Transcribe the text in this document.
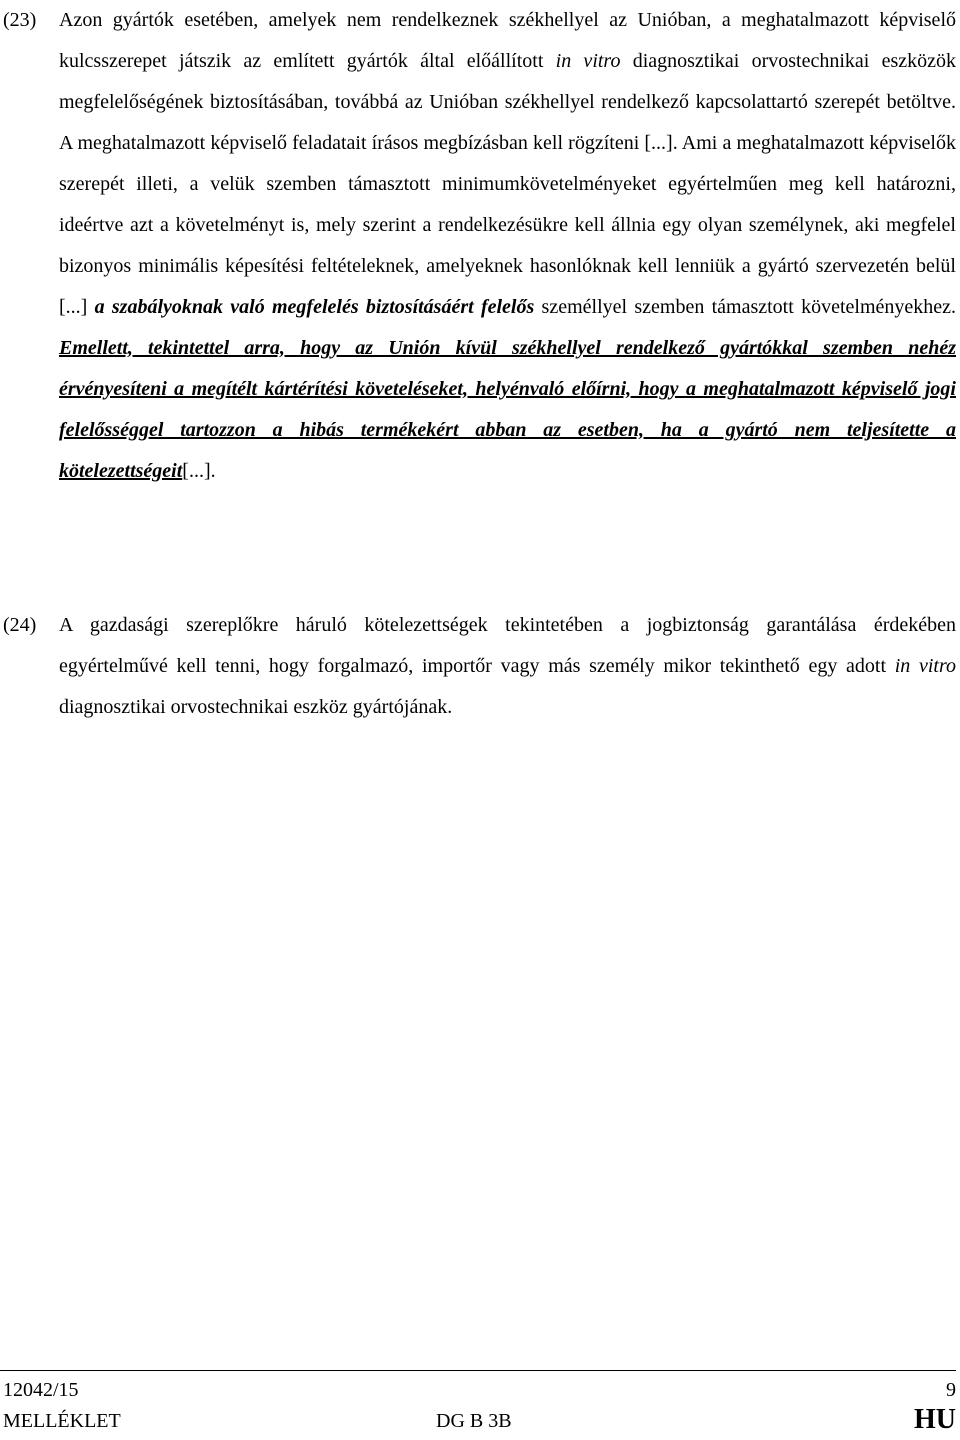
(23) Azon gyártók esetében, amelyek nem rendelkeznek székhellyel az Unióban, a meghatalmazott képviselő kulcsszerepet játszik az említett gyártók által előállított in vitro diagnosztikai orvostechnikai eszközök megfelelőségének biztosításában, továbbá az Unióban székhellyel rendelkező kapcsolattartó szerepét betöltve. A meghatalmazott képviselő feladatait írásos megbízásban kell rögzíteni [...]. Ami a meghatalmazott képviselők szerepét illeti, a velük szemben támasztott minimumkövetelményeket egyértelműen meg kell határozni, ideértve azt a követelményt is, mely szerint a rendelkezésükre kell állnia egy olyan személynek, aki megfelel bizonyos minimális képesítési feltételeknek, amelyeknek hasonlóknak kell lenniük a gyártó szervezetén belül [...] a szabályoknak való megfelelés biztosításáért felelős személlyel szemben támasztott követelményekhez. Emellett, tekintettel arra, hogy az Unión kívül székhellyel rendelkező gyártókkal szemben nehéz érvényesíteni a megítélt kártérítési követeléseket, helyénvaló előírni, hogy a meghatalmazott képviselő jogi felelősséggel tartozzon a hibás termékekért abban az esetben, ha a gyártó nem teljesítette a kötelezettségeit[...].
(24) A gazdasági szereplőkre háruló kötelezettségek tekintetében a jogbiztonság garantálása érdekében egyértelművé kell tenni, hogy forgalmazó, importőr vagy más személy mikor tekinthető egy adott in vitro diagnosztikai orvostechnikai eszköz gyártójának.
12042/15	9
MELLÉKLET	DG B 3B	HU
